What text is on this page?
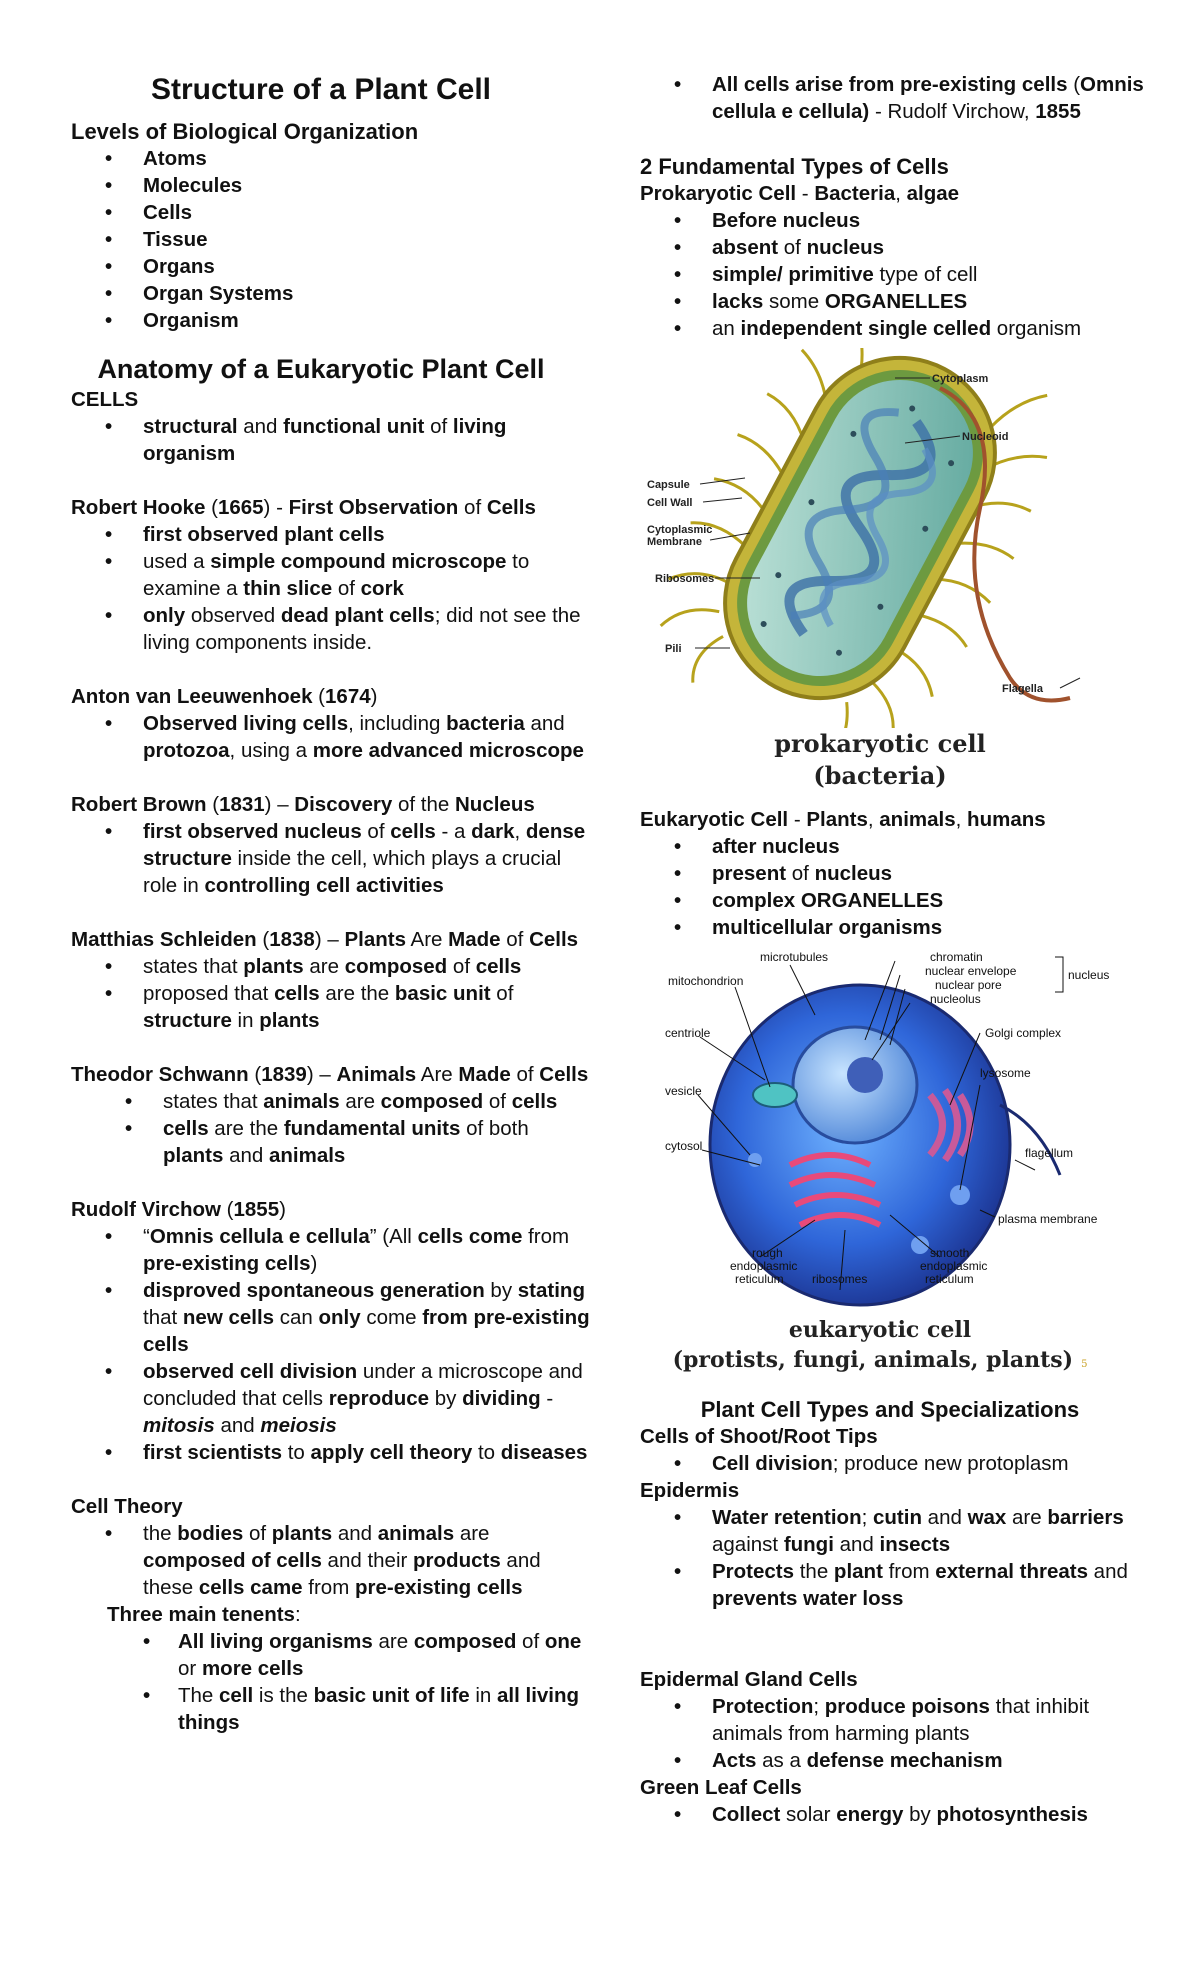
Structure of a Plant Cell

Levels of Biological Organization

• Atoms
• Molecules
• Cells
• Tissue
• Organs
• Organ Systems
• Organism

Anatomy of a Eukaryotic Plant Cell

CELLS

• structural and functional unit of living organism

Robert Hooke (1665) - First Observation of Cells

• first observed plant cells
• used a simple compound microscope to examine a thin slice of cork
• only observed dead plant cells; did not see the living components inside.

Anton van Leeuwenhoek (1674)

• Observed living cells, including bacteria and protozoa, using a more advanced microscope

Robert Brown (1831) – Discovery of the Nucleus

• first observed nucleus of cells - a dark, dense structure inside the cell, which plays a crucial role in controlling cell activities

Matthias Schleiden (1838) – Plants Are Made of Cells

• states that plants are composed of cells
• proposed that cells are the basic unit of structure in plants

Theodor Schwann (1839) – Animals Are Made of Cells

• states that animals are composed of cells
• cells are the fundamental units of both plants and animals

Rudolf Virchow (1855)

• “Omnis cellula e cellula” (All cells come from pre-existing cells)
• disproved spontaneous generation by stating that new cells can only come from pre-existing cells
• observed cell division under a microscope and concluded that cells reproduce by dividing - mitosis and meiosis
• first scientists to apply cell theory to diseases

Cell Theory

• the bodies of plants and animals are composed of cells and their products and these cells came from pre-existing cells

Three main tenents:

• All living organisms are composed of one or more cells
• The cell is the basic unit of life in all living things
• All cells arise from pre-existing cells (Omnis cellula e cellula) - Rudolf Virchow, 1855

2 Fundamental Types of Cells

Prokaryotic Cell - Bacteria, algae

• Before nucleus
• absent of nucleus
• simple/ primitive type of cell
• lacks some ORGANELLES
• an independent single celled organism
Cytoplasm
Nucleoid
Capsule
Cell Wall
Cytoplasmic
Membrane
Ribosomes
Pili
Flagella

prokaryotic cell

(bacteria)

Eukaryotic Cell - Plants, animals, humans

• after nucleus
• present of nucleus
• complex ORGANELLES
• multicellular organisms
microtubules	chromatin
nuclear envelope
nuclear pore
nucleolus
nucleus
mitochondrion
centriole	Golgi complex
vesicle
lysosome
cytosol	flagellum
plasma membrane
rough
endoplasmic
reticulum ribosomes
smooth
endoplasmic
reticulum

eukaryotic cell

(protists, fungi, animals, plants) 5

Plant Cell Types and Specializations

Cells of Shoot/Root Tips

• Cell division; produce new protoplasm

Epidermis

• Water retention; cutin and wax are barriers against fungi and insects
• Protects the plant from external threats and prevents water loss

Epidermal Gland Cells

• Protection; produce poisons that inhibit animals from harming plants
• Acts as a defense mechanism

Green Leaf Cells

• Collect solar energy by photosynthesis
